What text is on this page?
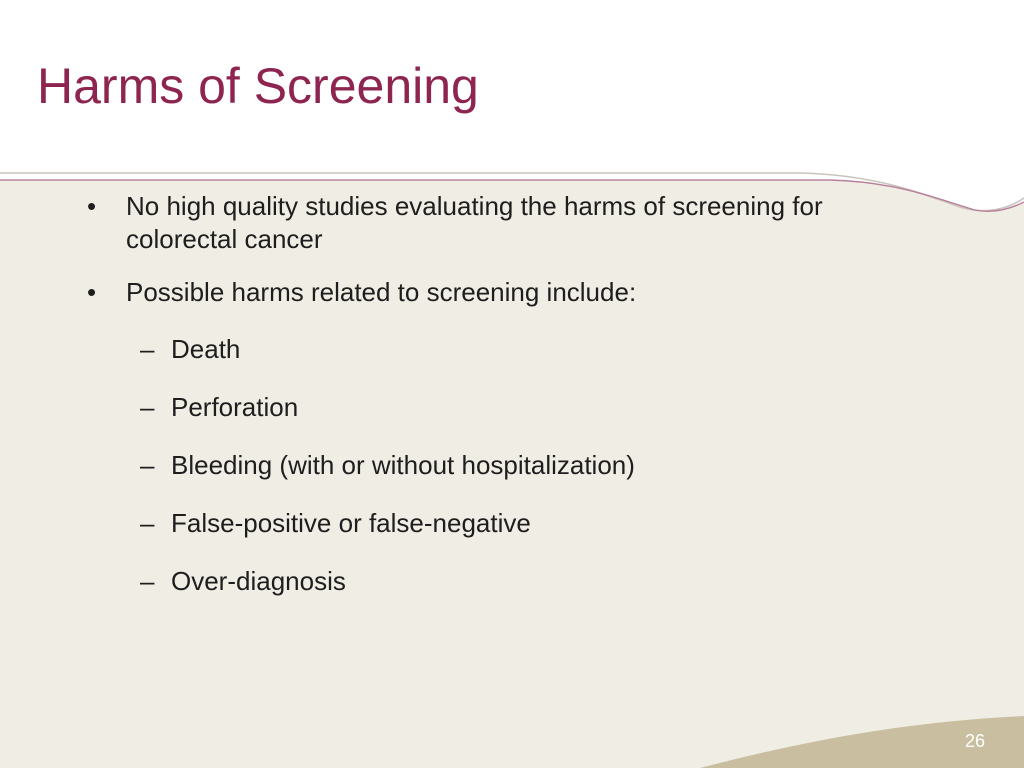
Harms of Screening
• No high quality studies evaluating the harms of screening for colorectal cancer
• Possible harms related to screening include:
– Death
– Perforation
– Bleeding (with or without hospitalization)
– False-positive or false-negative
– Over-diagnosis
26
